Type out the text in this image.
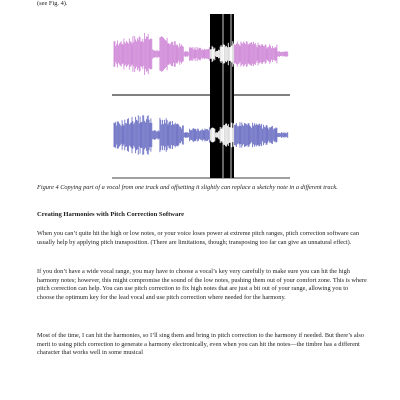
(see Fig. 4).
Figure 4 Copying part of a vocal from one track and offsetting it slightly can replace a sketchy note in a different track.
Creating Harmonies with Pitch Correction Software

When you can’t quite hit the high or low notes, or your voice loses power at extreme pitch ranges, pitch correction software can usually help by applying pitch transposition. (There are limitations, though; transposing too far can give an unnatural effect).

If you don’t have a wide vocal range, you may have to choose a vocal’s key very carefully to make sure you can hit the high harmony notes; however, this might compromise the sound of the low notes, pushing them out of your comfort zone. This is where pitch correction can help. You can use pitch correction to fix high notes that are just a bit out of your range, allowing you to choose the optimum key for the lead vocal and use pitch correction where needed for the harmony.

Most of the time, I can hit the harmonies, so I’ll sing them and bring in pitch correction to the harmony if needed. But there’s also merit to using pitch correction to generate a harmony electronically, even when you can hit the notes—the timbre has a different character that works well in some musical
